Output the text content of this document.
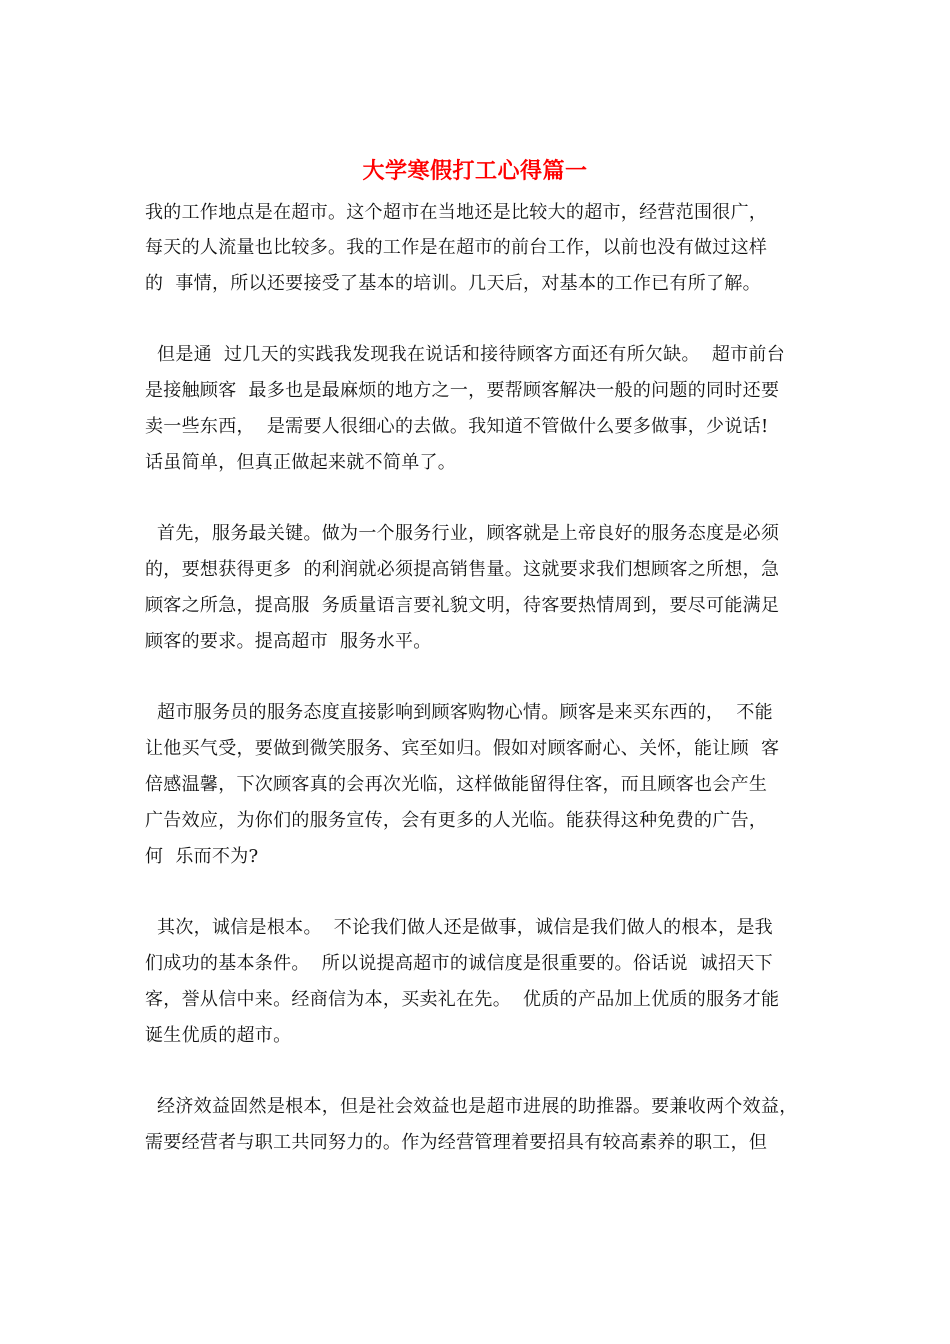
大学寒假打工心得篇一
我的工作地点是在超市。这个超市在当地还是比较大的超市，经营范围很广，
每天的人流量也比较多。我的工作是在超市的前台工作，以前也没有做过这样
的  事情，所以还要接受了基本的培训。几天后，对基本的工作已有所了解。
但是通  过几天的实践我发现我在说话和接待顾客方面还有所欠缺。  超市前台
是接触顾客  最多也是最麻烦的地方之一，要帮顾客解决一般的问题的同时还要
卖一些东西，  是需要人很细心的去做。我知道不管做什么要多做事，少说话!
话虽简单，但真正做起来就不简单了。
首先，服务最关键。做为一个服务行业，顾客就是上帝良好的服务态度是必须
的，要想获得更多  的利润就必须提高销售量。这就要求我们想顾客之所想，急
顾客之所急，提高服  务质量语言要礼貌文明，待客要热情周到，要尽可能满足
顾客的要求。提高超市  服务水平。
超市服务员的服务态度直接影响到顾客购物心情。顾客是来买东西的，  不能
让他买气受，要做到微笑服务、宾至如归。假如对顾客耐心、关怀，能让顾  客
倍感温馨，下次顾客真的会再次光临，这样做能留得住客，而且顾客也会产生
广告效应，为你们的服务宣传，会有更多的人光临。能获得这种免费的广告，
何  乐而不为?
其次，诚信是根本。  不论我们做人还是做事，诚信是我们做人的根本，是我
们成功的基本条件。  所以说提高超市的诚信度是很重要的。俗话说  诚招天下
客，誉从信中来。经商信为本，买卖礼在先。  优质的产品加上优质的服务才能
诞生优质的超市。
经济效益固然是根本，但是社会效益也是超市进展的助推器。要兼收两个效益，
需要经营者与职工共同努力的。作为经营管理着要招具有较高素养的职工，但
